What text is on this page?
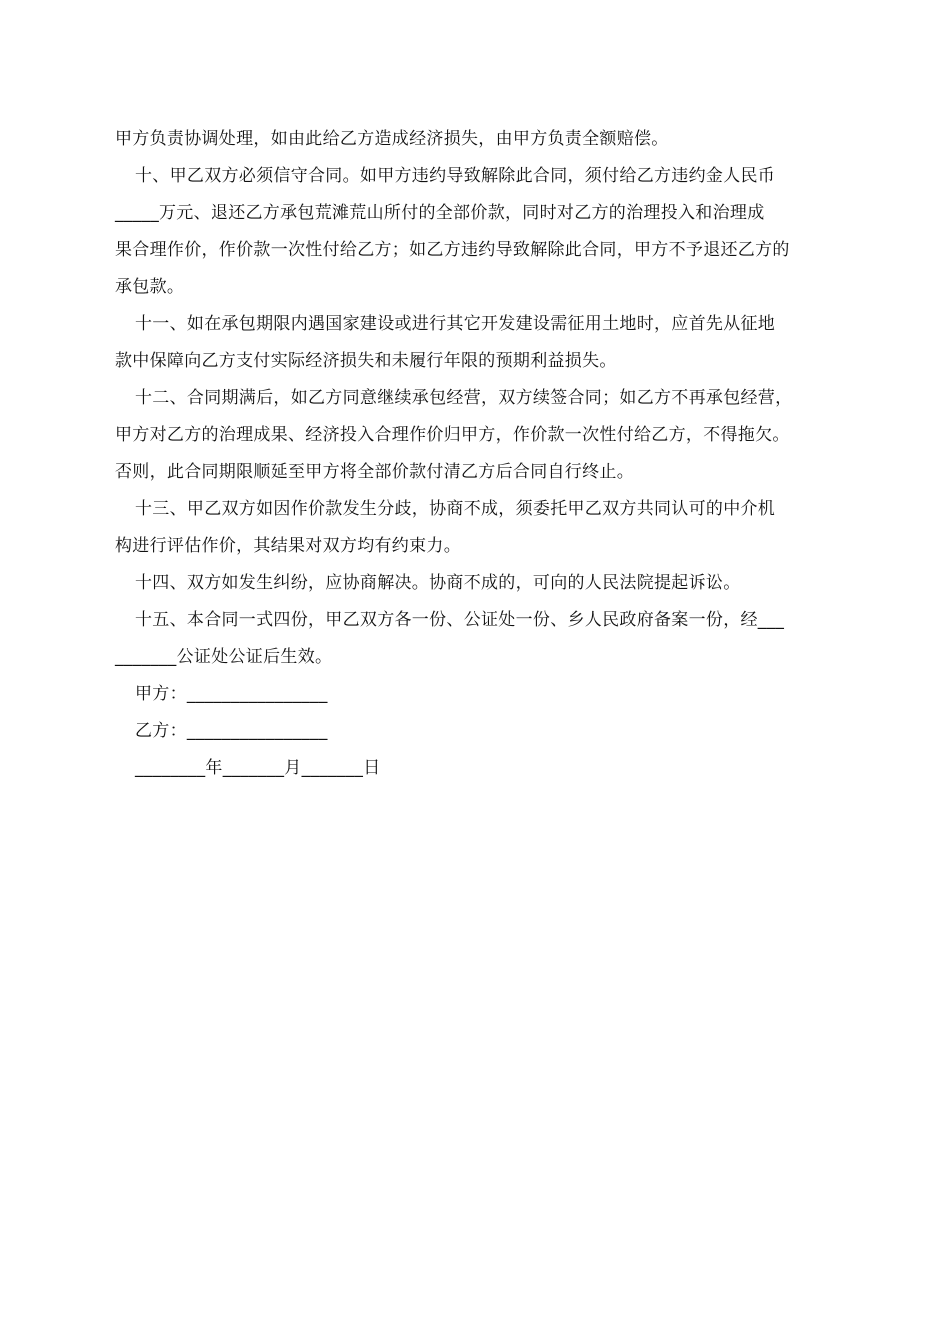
甲方负责协调处理，如由此给乙方造成经济损失，由甲方负责全额赔偿。
十、甲乙双方必须信守合同。如甲方违约导致解除此合同，须付给乙方违约金人民币
_____万元、退还乙方承包荒滩荒山所付的全部价款，同时对乙方的治理投入和治理成
果合理作价，作价款一次性付给乙方；如乙方违约导致解除此合同，甲方不予退还乙方的
承包款。
十一、如在承包期限内遇国家建设或进行其它开发建设需征用土地时，应首先从征地
款中保障向乙方支付实际经济损失和未履行年限的预期利益损失。
十二、合同期满后，如乙方同意继续承包经营，双方续签合同；如乙方不再承包经营，
甲方对乙方的治理成果、经济投入合理作价归甲方，作价款一次性付给乙方，不得拖欠。
否则，此合同期限顺延至甲方将全部价款付清乙方后合同自行终止。
十三、甲乙双方如因作价款发生分歧，协商不成，须委托甲乙双方共同认可的中介机
构进行评估作价，其结果对双方均有约束力。
十四、双方如发生纠纷，应协商解决。协商不成的，可向的人民法院提起诉讼。
十五、本合同一式四份，甲乙双方各一份、公证处一份、乡人民政府备案一份，经___
_______公证处公证后生效。
甲方：________________
乙方：________________
________年_______月_______日
